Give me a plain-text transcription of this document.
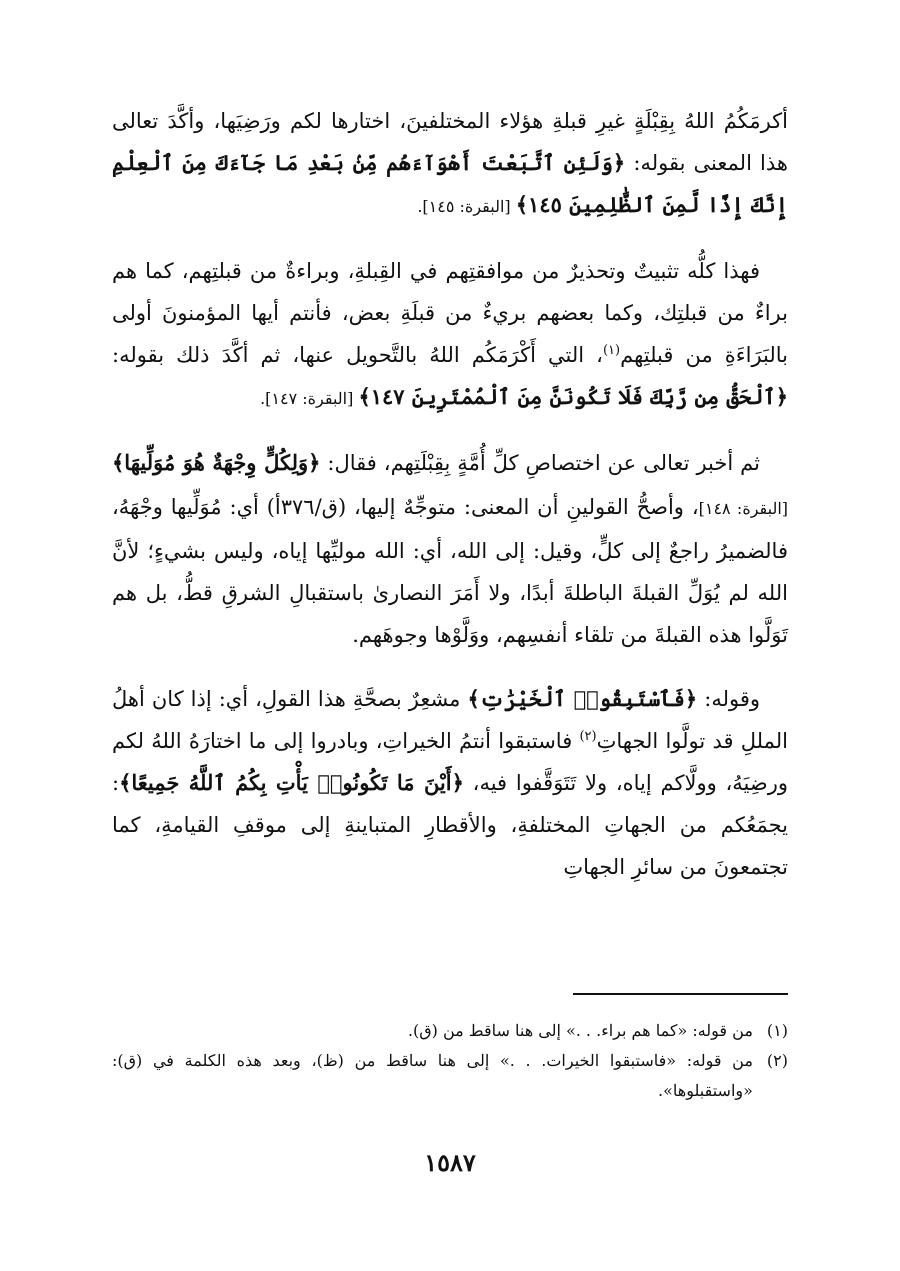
أكرمَكُمُ اللهُ بِقِبْلَةٍ غيرِ قبلةِ هؤلاء المختلفينَ، اختارها لكم ورَضِيَها، وأكَّدَ تعالى هذا المعنى بقوله: ﴿وَلَئِنِ ٱتَّبَعْتَ أَهْوَآءَهُم مِّنۢ بَعْدِ مَا جَآءَكَ مِنَ ٱلْعِلْمِ إِنَّكَ إِذًا لَّمِنَ ٱلظَّٰلِمِينَ ١٤٥﴾ [البقرة: ١٤٥].

فهذا كلُّه تثبيتٌ وتحذيرٌ من موافقتِهم في القِبلةِ، وبراءةٌ من قبلتِهم، كما هم براءٌ من قبلتِك، وكما بعضهم بريءٌ من قبلَةِ بعض، فأنتم أيها المؤمنونَ أولى بالبَرَاءَةِ من قبلتِهم$^{(١)}$، التي أَكْرَمَكُم اللهُ بالتَّحويل عنها، ثم أكَّدَ ذلك بقوله: ﴿ٱلْحَقُّ مِن رَّبِّكَ فَلَا تَكُونَنَّ مِنَ ٱلْمُمْتَرِينَ ١٤٧﴾ [البقرة: ١٤٧].

ثم أخبر تعالى عن اختصاصِ كلِّ أُمَّةٍ بِقِبْلَتِهم، فقال: ﴿وَلِكُلٍّ وِجْهَةٌ هُوَ مُوَلِّيهَا﴾ [البقرة: ١٤٨]، وأصحُّ القولينِ أن المعنى: متوجِّهٌ إليها، (ق/٣٧٦أ) أي: مُوَلِّيها وجْهَهُ، فالضميرُ راجعٌ إلى كلٍّ، وقيل: إلى الله، أي: الله موليِّها إياه، وليس بشيءٍ؛ لأنَّ الله لم يُوَلِّ القبلةَ الباطلةَ أبدًا، ولا أَمَرَ النصارىٰ باستقبالِ الشرقِ قطُّ، بل هم تَوَلَّوا هذه القبلةَ من تلقاء أنفسِهم، ووَلَّوْها وجوهَهم.

وقوله: ﴿فَٱسْتَبِقُوا۟ ٱلْخَيْرَٰتِ﴾ مشعِرٌ بصحَّةِ هذا القولِ، أي: إذا كان أهلُ المللِ قد تولَّوا الجهاتِ$^{(٢)}$ فاستبقوا أنتمُ الخيراتِ، وبادروا إلى ما اختارَهُ اللهُ لكم ورضِيَهُ، وولَّاكم إياه، ولا تَتَوَقَّفوا فيه، ﴿أَيْنَ مَا تَكُونُوا۟ يَأْتِ بِكُمُ ٱللَّهُ جَمِيعًا﴾: يجمَعُكم من الجهاتِ المختلفةِ، والأقطارِ المتباينةِ إلى موقفِ القيامةِ، كما تجتمعونَ من سائرِ الجهاتِ

(١)
من قوله: «كما هم براء. . .» إلى هنا ساقط من (ق).
(٢)
من قوله: «فاستبقوا الخيرات. . .» إلى هنا ساقط من (ظ)، وبعد هذه الكلمة في (ق): «واستقبلوها».
١٥٨٧
